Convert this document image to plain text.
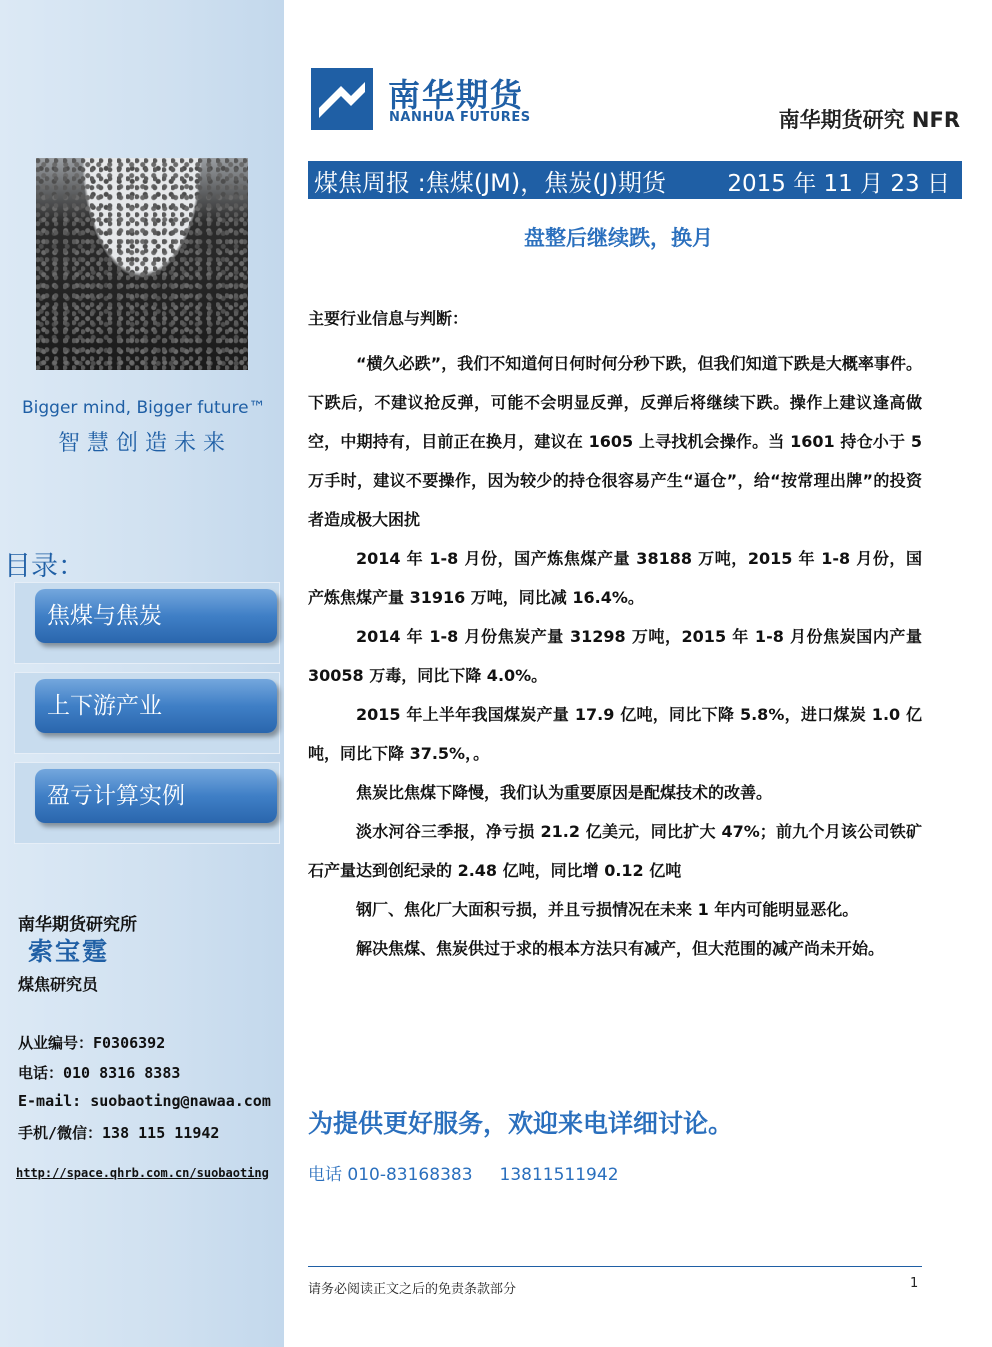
Bigger mind, Bigger future™
智慧创造未来
目录：
焦煤与焦炭
上下游产业
盈亏计算实例
南华期货研究所
索宝霆
煤焦研究员
从业编号：F0306392
电话：010 8316 8383
E-mail: suobaoting@nawaa.com
手机/微信：138 115 11942
http://space.qhrb.com.cn/suobaoting
南华期货
NANHUA FUTURES	南华期货研究 NFR
煤焦周报 :焦煤(JM)，焦炭(J)期货	2015 年 11 月 23 日
盘整后继续跌，换月
主要行业信息与判断：

“横久必跌”，我们不知道何日何时何分秒下跌，但我们知道下跌是大概率事件。下跌后，不建议抢反弹，可能不会明显反弹，反弹后将继续下跌。操作上建议逢高做空，中期持有，目前正在换月，建议在 1605 上寻找机会操作。当 1601 持仓小于 5 万手时，建议不要操作，因为较少的持仓很容易产生“逼仓”，给“按常理出牌”的投资者造成极大困扰

2014 年 1-8 月份，国产炼焦煤产量 38188 万吨，2015 年 1-8 月份，国产炼焦煤产量 31916 万吨，同比减 16.4%。

2014 年 1-8 月份焦炭产量 31298 万吨，2015 年 1-8 月份焦炭国内产量 30058 万毒，同比下降 4.0%。

2015 年上半年我国煤炭产量 17.9 亿吨，同比下降 5.8%，进口煤炭 1.0 亿吨，同比下降 37.5%，。

焦炭比焦煤下降慢，我们认为重要原因是配煤技术的改善。

淡水河谷三季报，净亏损 21.2 亿美元，同比扩大 47%；前九个月该公司铁矿石产量达到创纪录的 2.48 亿吨，同比增 0.12 亿吨

钢厂、焦化厂大面积亏损，并且亏损情况在未来 1 年内可能明显恶化。

解决焦煤、焦炭供过于求的根本方法只有减产，但大范围的减产尚未开始。

为提供更好服务，欢迎来电详细讨论。
电话 010-83168383     13811511942
请务必阅读正文之后的免责条款部分	1
